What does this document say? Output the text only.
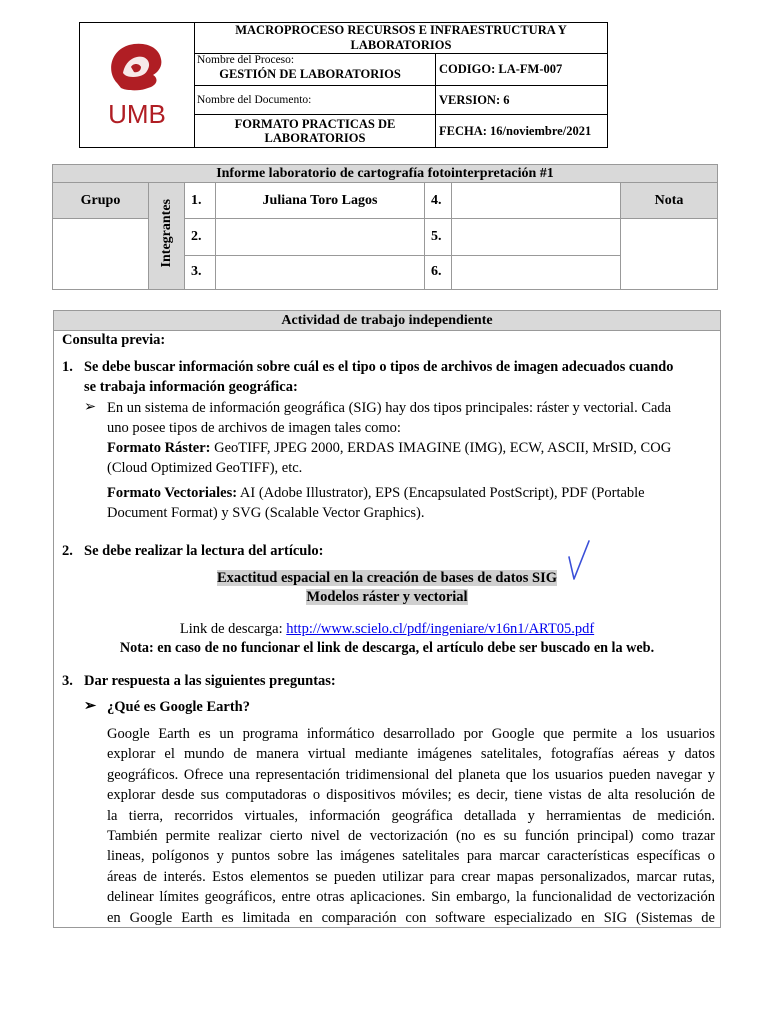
UMB	MACROPROCESO RECURSOS E INFRAESTRUCTURA Y LABORATORIOS	

	Nombre del Proceso:
GESTIÓN DE LABORATORIOS	CODIGO: LA-FM-007

	Nombre del Documento:	VERSION: 6
	FORMATO PRACTICAS DE LABORATORIOS	FECHA: 16/noviembre/2021
Informe laboratorio de cartografía fotointerpretación #1						
Grupo	Integrantes	1.	Juliana Toro Lagos	4.		Nota
		2.		5.		
		3.		6.		
Actividad de trabajo independiente
Consulta previa:
1. Se debe buscar información sobre cuál es el tipo o tipos de archivos de imagen adecuados cuando
se trabaja información geográfica:
➢ En un sistema de información geográfica (SIG) hay dos tipos principales: ráster y vectorial. Cada
uno posee tipos de archivos de imagen tales como:
Formato Ráster: GeoTIFF, JPEG 2000, ERDAS IMAGINE (IMG), ECW, ASCII, MrSID, COG
(Cloud Optimized GeoTIFF), etc.
Formato Vectoriales: AI (Adobe Illustrator), EPS (Encapsulated PostScript), PDF (Portable
Document Format) y SVG (Scalable Vector Graphics).
2. Se debe realizar la lectura del artículo:
Exactitud espacial en la creación de bases de datos SIG
Modelos ráster y vectorial
Link de descarga: http://www.scielo.cl/pdf/ingeniare/v16n1/ART05.pdf
Nota: en caso de no funcionar el link de descarga, el artículo debe ser buscado en la web.
3. Dar respuesta a las siguientes preguntas:
➢ ¿Qué es Google Earth?
Google Earth es un programa informático desarrollado por Google que permite a los usuarios
explorar el mundo de manera virtual mediante imágenes satelitales, fotografías aéreas y datos
geográficos. Ofrece una representación tridimensional del planeta que los usuarios pueden navegar y
explorar desde sus computadoras o dispositivos móviles; es decir, tiene vistas de alta resolución de
la tierra, recorridos virtuales, información geográfica detallada y herramientas de medición.
También permite realizar cierto nivel de vectorización (no es su función principal) como trazar
lineas, polígonos y puntos sobre las imágenes satelitales para marcar características específicas o
áreas de interés. Estos elementos se pueden utilizar para crear mapas personalizados, marcar rutas,
delinear límites geográficos, entre otras aplicaciones. Sin embargo, la funcionalidad de vectorización
en Google Earth es limitada en comparación con software especializado en SIG (Sistemas de
